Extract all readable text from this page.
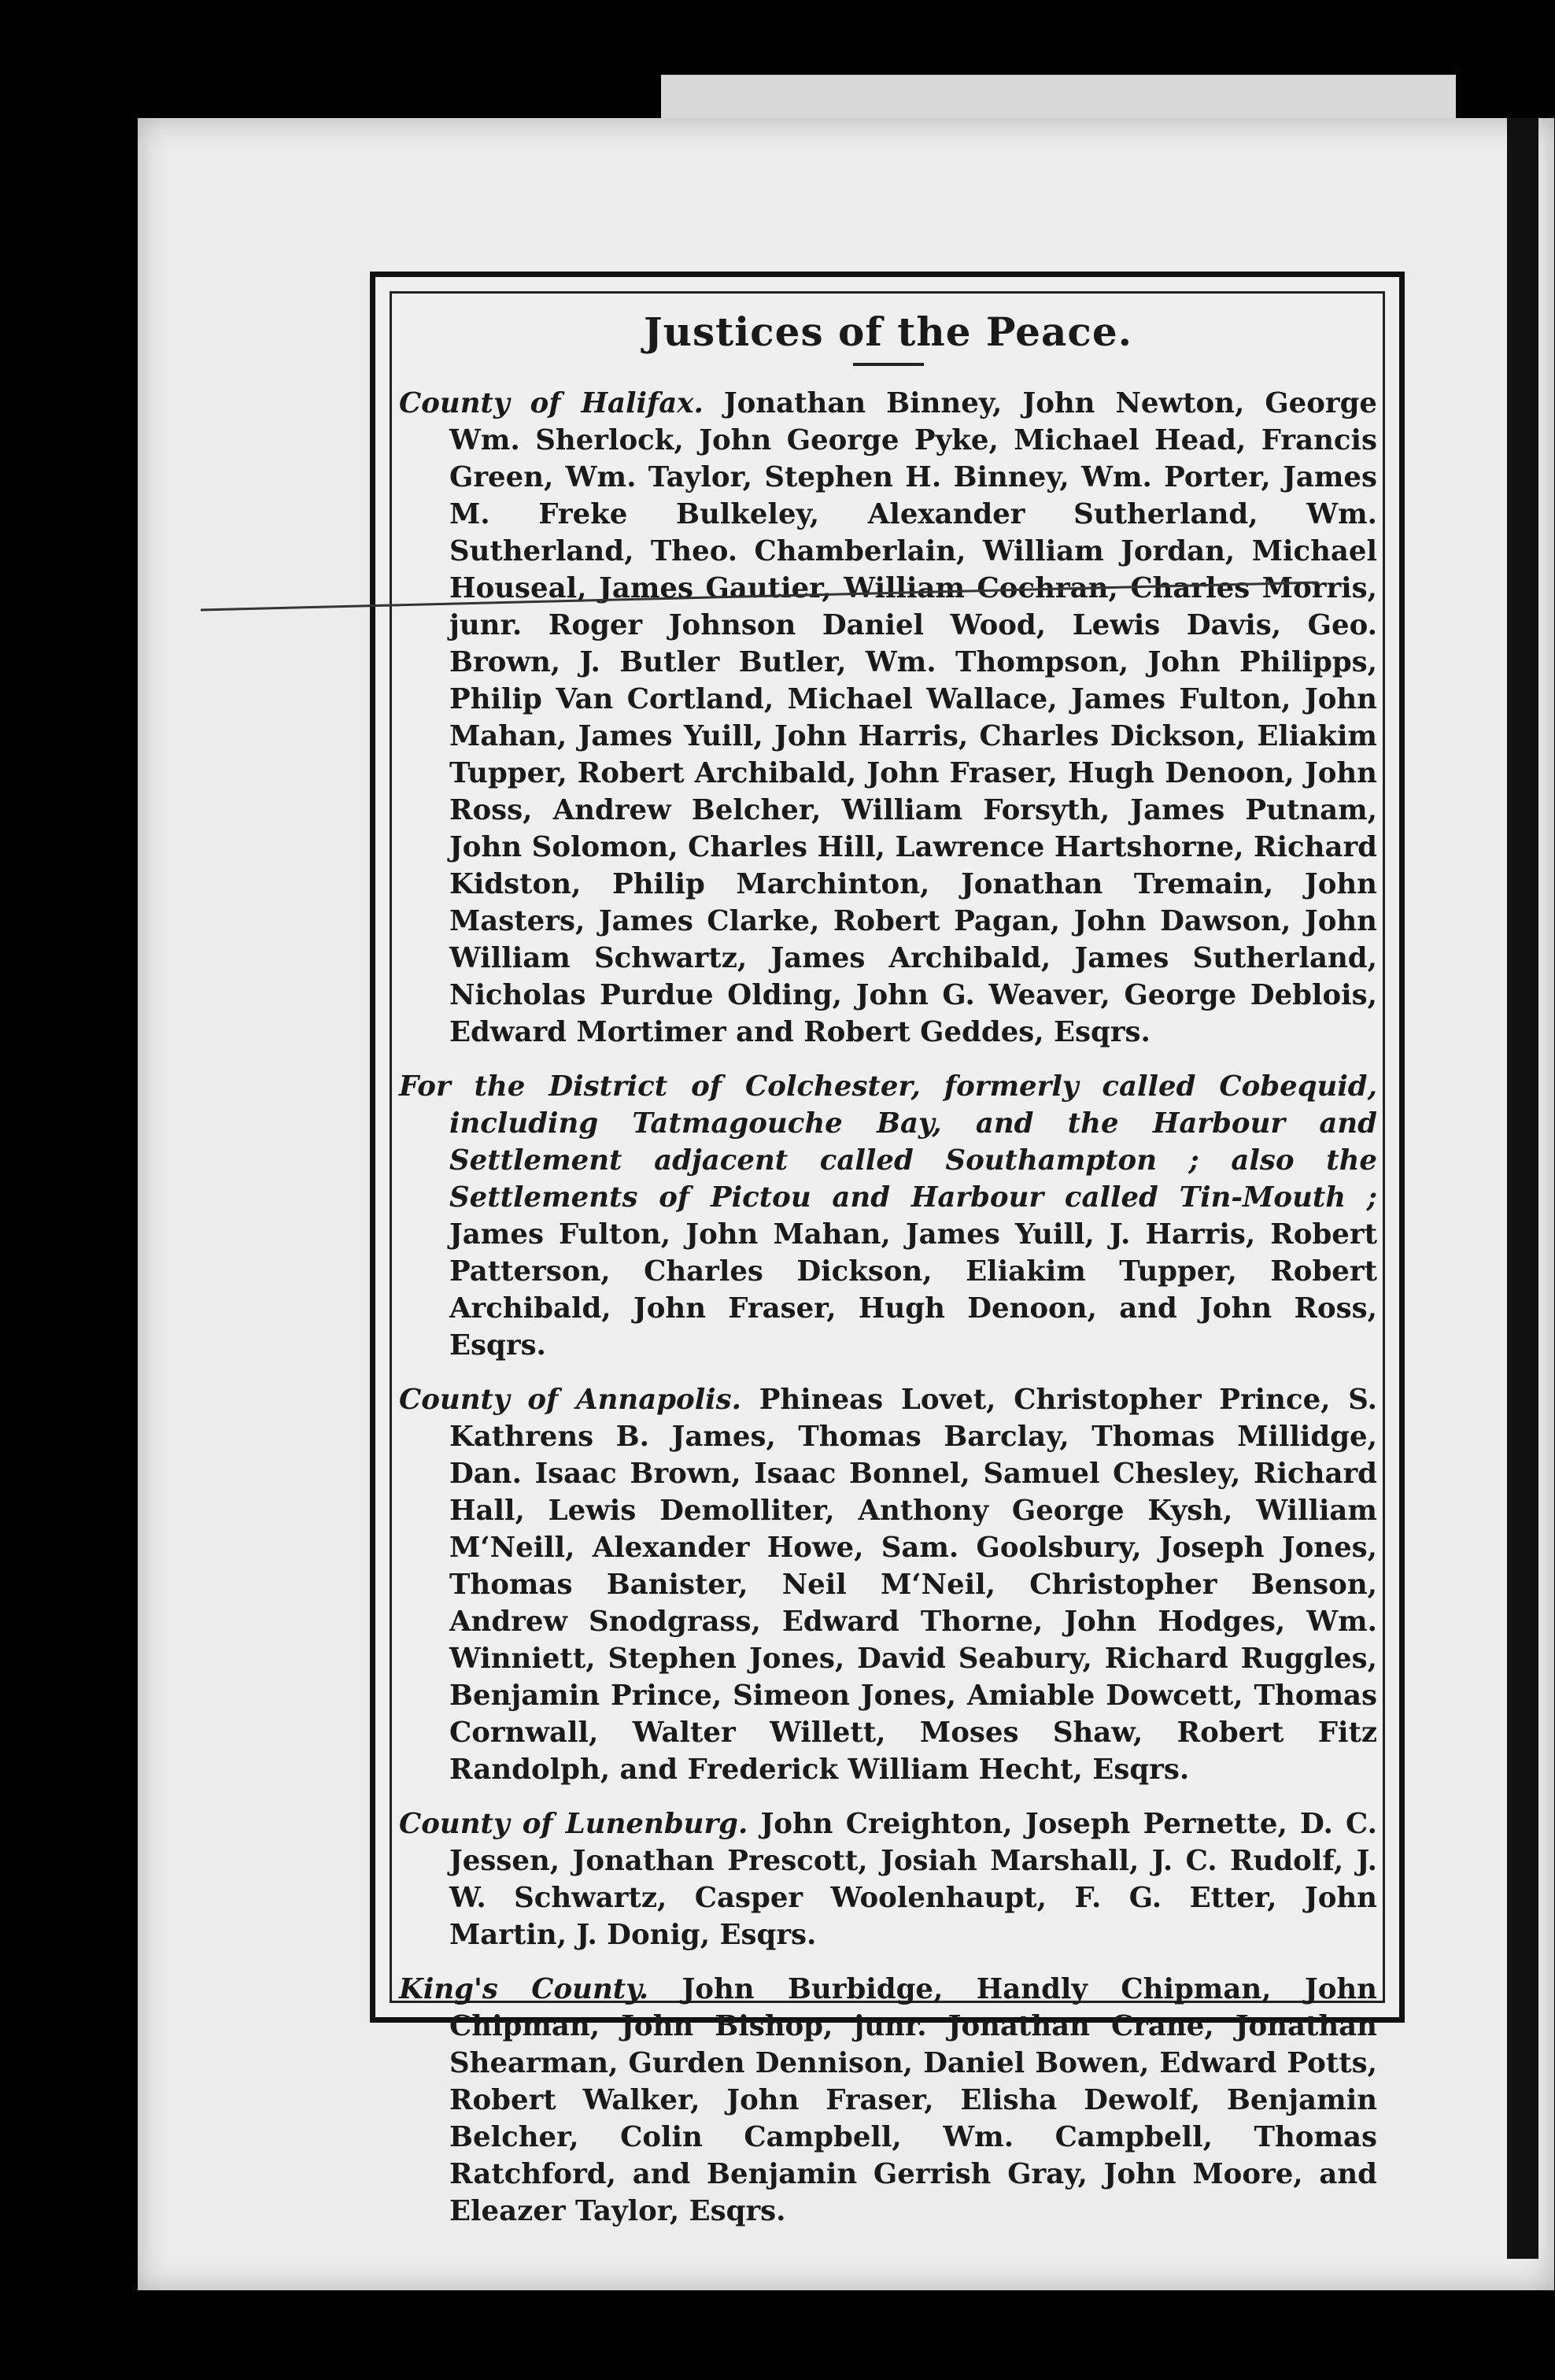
Justices of the Peace.

County of Halifax. Jonathan Binney, John Newton, George Wm. Sherlock, John George Pyke, Michael Head, Francis Green, Wm. Taylor, Stephen H. Binney, Wm. Porter, James M. Freke Bulkeley, Alexander Sutherland, Wm. Sutherland, Theo. Chamberlain, William Jordan, Michael Houseal, James Gautier, William Cochran, Charles Morris, junr. Roger Johnson Daniel Wood, Lewis Davis, Geo. Brown, J. Butler Butler, Wm. Thompson, John Philipps, Philip Van Cortland, Michael Wallace, James Fulton, John Mahan, James Yuill, John Harris, Charles Dickson, Eliakim Tupper, Robert Archibald, John Fraser, Hugh Denoon, John Ross, Andrew Belcher, William Forsyth, James Putnam, John Solomon, Charles Hill, Lawrence Hartshorne, Richard Kidston, Philip Marchinton, Jonathan Tremain, John Masters, James Clarke, Robert Pagan, John Dawson, John William Schwartz, James Archibald, James Sutherland, Nicholas Purdue Olding, John G. Weaver, George Deblois, Edward Mortimer and Robert Geddes, Esqrs.

For the District of Colchester, formerly called Cobequid, including Tatmagouche Bay, and the Harbour and Settlement adjacent called Southampton ; also the Settlements of Pictou and Harbour called Tin-Mouth ; James Fulton, John Mahan, James Yuill, J. Harris, Robert Patterson, Charles Dickson, Eliakim Tupper, Robert Archibald, John Fraser, Hugh Denoon, and John Ross, Esqrs.

County of Annapolis. Phineas Lovet, Christopher Prince, S. Kathrens B. James, Thomas Barclay, Thomas Millidge, Dan. Isaac Brown, Isaac Bonnel, Samuel Chesley, Richard Hall, Lewis Demolliter, Anthony George Kysh, William M‘Neill, Alexander Howe, Sam. Goolsbury, Joseph Jones, Thomas Banister, Neil M‘Neil, Christopher Benson, Andrew Snodgrass, Edward Thorne, John Hodges, Wm. Winniett, Stephen Jones, David Seabury, Richard Ruggles, Benjamin Prince, Simeon Jones, Amiable Dowcett, Thomas Cornwall, Walter Willett, Moses Shaw, Robert Fitz Randolph, and Frederick William Hecht, Esqrs.

County of Lunenburg. John Creighton, Joseph Pernette, D. C. Jessen, Jonathan Prescott, Josiah Marshall, J. C. Rudolf, J. W. Schwartz, Casper Woolenhaupt, F. G. Etter, John Martin, J. Donig, Esqrs.

King's County. John Burbidge, Handly Chipman, John Chipman, John Bishop, junr. Jonathan Crane, Jonathan Shearman, Gurden Dennison, Daniel Bowen, Edward Potts, Robert Walker, John Fraser, Elisha Dewolf, Benjamin Belcher, Colin Campbell, Wm. Campbell, Thomas Ratchford, and Benjamin Gerrish Gray, John Moore, and Eleazer Taylor, Esqrs.
